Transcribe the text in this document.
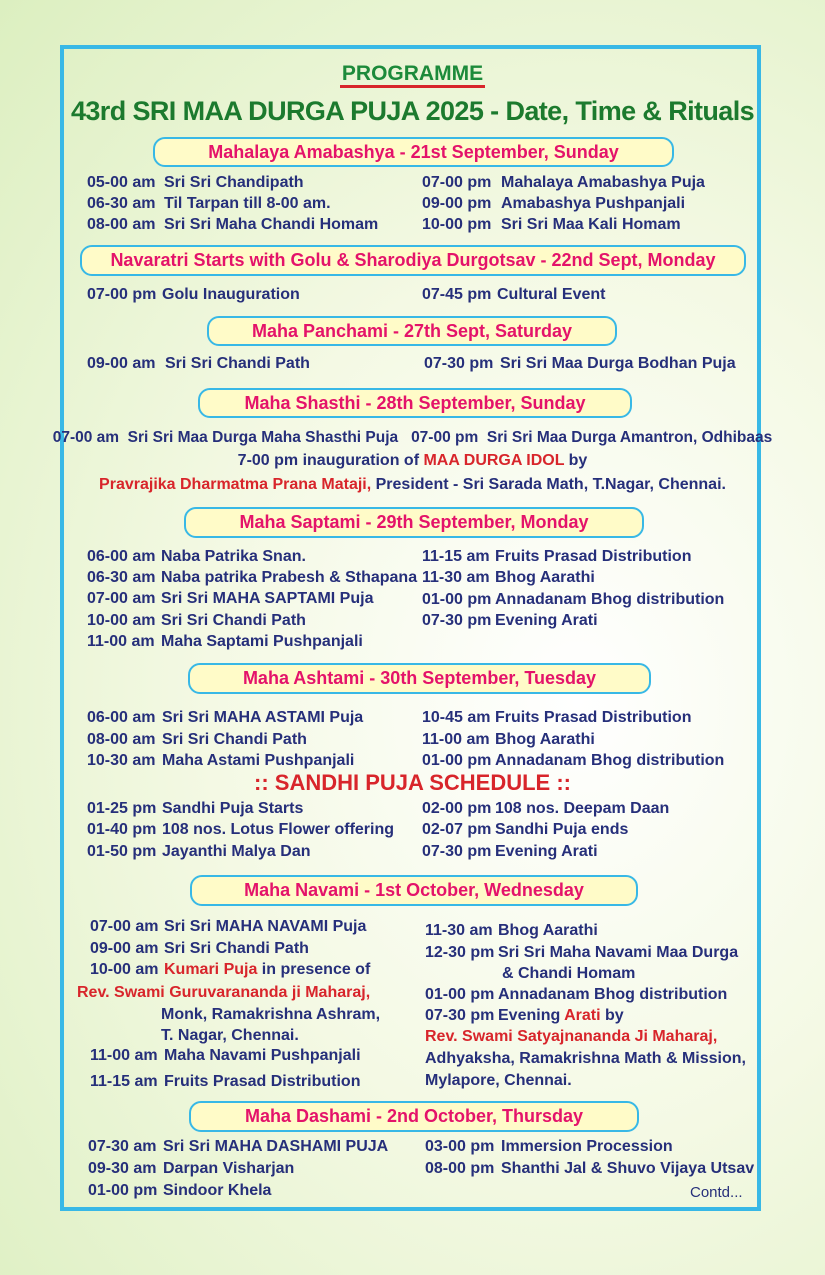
PROGRAMME
43rd SRI MAA DURGA PUJA 2025 - Date, Time & Rituals
Mahalaya Amabashya - 21st September, Sunday
05-00 am Sri Sri Chandipath
06-30 am Til Tarpan till 8-00 am.
08-00 am Sri Sri Maha Chandi Homam
07-00 pm Mahalaya Amabashya Puja
09-00 pm Amabashya Pushpanjali
10-00 pm Sri Sri Maa Kali Homam
Navaratri Starts with Golu & Sharodiya Durgotsav - 22nd Sept, Monday
07-00 pm Golu Inauguration	07-45 pm Cultural Event
Maha Panchami - 27th Sept, Saturday
09-00 am Sri Sri Chandi Path	07-30 pm Sri Sri Maa Durga Bodhan Puja
Maha Shasthi - 28th September, Sunday
07-00 am  Sri Sri Maa Durga Maha Shasthi Puja   07-00 pm  Sri Sri Maa Durga Amantron, Odhibaas
7-00 pm inauguration of MAA DURGA IDOL by
Pravrajika Dharmatma Prana Mataji, President - Sri Sarada Math, T.Nagar, Chennai.
Maha Saptami - 29th September, Monday
06-00 am Naba Patrika Snan.
06-30 am Naba patrika Prabesh & Sthapana
07-00 am Sri Sri MAHA SAPTAMI Puja
10-00 am Sri Sri Chandi Path
11-00 am Maha Saptami Pushpanjali
11-15 am Fruits Prasad Distribution
11-30 am Bhog Aarathi
01-00 pm Annadanam Bhog distribution
07-30 pm Evening Arati
Maha Ashtami - 30th September, Tuesday
06-00 am Sri Sri MAHA ASTAMI Puja
08-00 am Sri Sri Chandi Path
10-30 am Maha Astami Pushpanjali
10-45 am Fruits Prasad Distribution
11-00 am Bhog Aarathi
01-00 pm Annadanam Bhog distribution
:: SANDHI PUJA SCHEDULE ::
01-25 pm Sandhi Puja Starts
01-40 pm 108 nos. Lotus Flower offering
01-50 pm Jayanthi Malya Dan
02-00 pm 108 nos. Deepam Daan
02-07 pm Sandhi Puja ends
07-30 pm Evening Arati
Maha Navami - 1st October, Wednesday
07-00 am Sri Sri MAHA NAVAMI Puja
09-00 am Sri Sri Chandi Path
10-00 am Kumari Puja in presence of
Rev. Swami Guruvarananda ji Maharaj,
Monk, Ramakrishna Ashram,
T. Nagar, Chennai.
11-00 am Maha Navami Pushpanjali
11-15 am Fruits Prasad Distribution
11-30 am Bhog Aarathi
12-30 pm Sri Sri Maha Navami Maa Durga
& Chandi Homam
01-00 pm Annadanam Bhog distribution
07-30 pm Evening Arati by
Rev. Swami Satyajnananda Ji Maharaj,
Adhyaksha, Ramakrishna Math & Mission,
Mylapore, Chennai.
Maha Dashami - 2nd October, Thursday
07-30 am Sri Sri MAHA DASHAMI PUJA
09-30 am Darpan Visharjan
01-00 pm Sindoor Khela
03-00 pm Immersion Procession
08-00 pm Shanthi Jal & Shuvo Vijaya Utsav
Contd...
